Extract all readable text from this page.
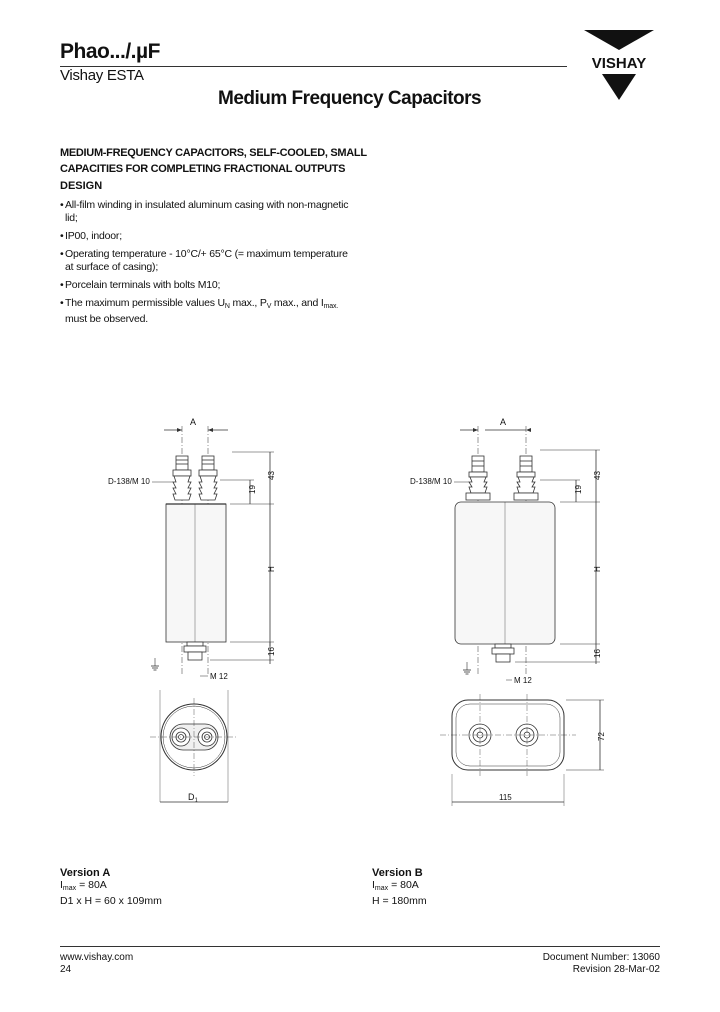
Phao.../.µF
Vishay ESTA
VISHAY
Medium Frequency Capacitors
MEDIUM-FREQUENCY CAPACITORS, SELF-COOLED, SMALL CAPACITIES FOR COMPLETING FRACTIONAL OUTPUTS
DESIGN
• All-film winding in insulated aluminum casing with non-magnetic lid;
• IP00, indoor;
• Operating temperature - 10°C/+ 65°C (= maximum temperature at surface of casing);
• Porcelain terminals with bolts M10;
• The maximum permissible values $U_N$ max., $P_V$ max., and $I_{max.}$ must be observed.
A
D-138/M 10
M 12
43
19
H
16
$D_1$
A
D-138/M 10
M 12
43
19
H
16
72
115
Version A
$I_{max} = 80A$
D1 x H = 60 x 109mm
Version B
$I_{max} = 80A$
H = 180mm
www.vishay.com
24
Document Number: 13060
Revision 28-Mar-02
